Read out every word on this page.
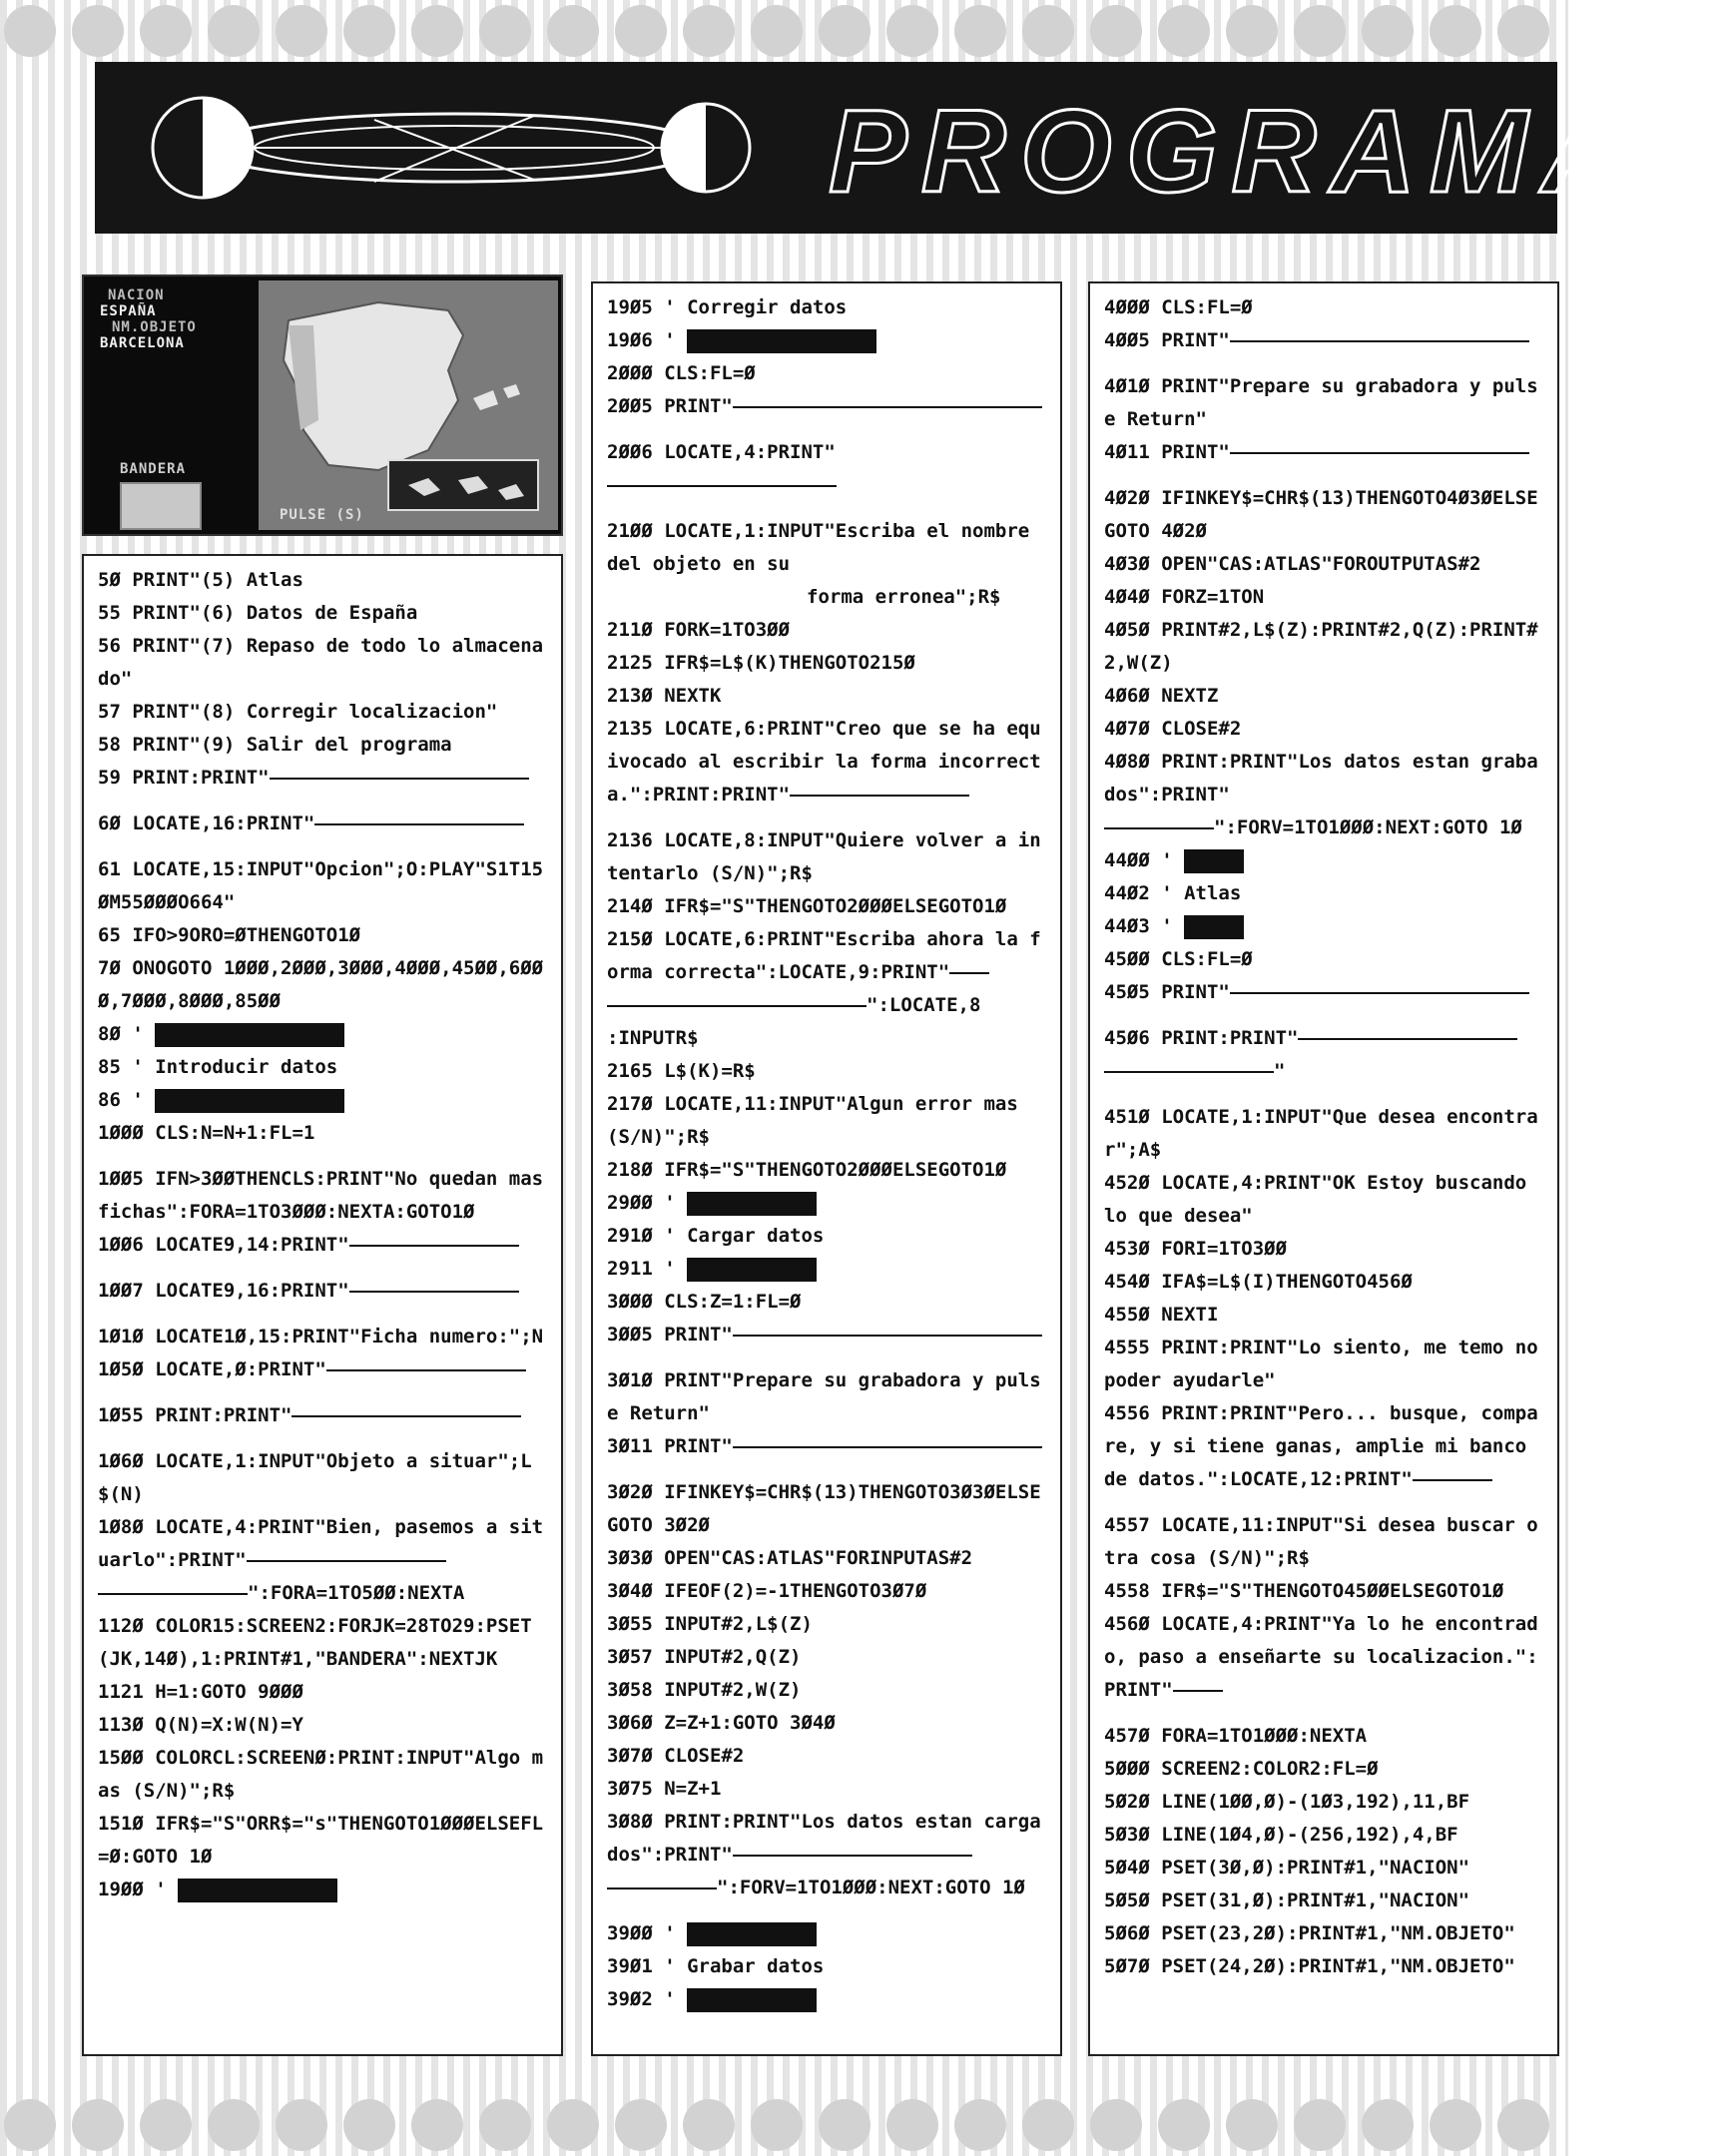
PROGRAMAS
NACION
ESPAÑA
NM.OBJETO
BARCELONA
BANDERA
PULSE (S)
5Ø PRINT"(5) Atlas
55 PRINT"(6) Datos de España
56 PRINT"(7) Repaso de todo lo almacenado"
57 PRINT"(8) Corregir localizacion"
58 PRINT"(9) Salir del programa
59 PRINT:PRINT"
6Ø LOCATE,16:PRINT"
61 LOCATE,15:INPUT"Opcion";O:PLAY"S1T15ØM55ØØØO664"
65 IFO>9ORO=ØTHENGOTO1Ø
7Ø ONOGOTO 1ØØØ,2ØØØ,3ØØØ,4ØØØ,45ØØ,6ØØØ,7ØØØ,8ØØØ,85ØØ
8Ø '
85 ' Introducir datos
86 '
1ØØØ CLS:N=N+1:FL=1
1ØØ5 IFN>3ØØTHENCLS:PRINT"No quedan mas fichas":FORA=1TO3ØØØ:NEXTA:GOTO1Ø
1ØØ6 LOCATE9,14:PRINT"
1ØØ7 LOCATE9,16:PRINT"
1Ø1Ø LOCATE1Ø,15:PRINT"Ficha numero:";N
1Ø5Ø LOCATE,Ø:PRINT"
1Ø55 PRINT:PRINT"
1Ø6Ø LOCATE,1:INPUT"Objeto a situar";L$(N)
1Ø8Ø LOCATE,4:PRINT"Bien, pasemos a situarlo":PRINT"
":FORA=1TO5ØØ:NEXTA
112Ø COLOR15:SCREEN2:FORJK=28TO29:PSET(JK,14Ø),1:PRINT#1,"BANDERA":NEXTJK
1121 H=1:GOTO 9ØØØ
113Ø Q(N)=X:W(N)=Y
15ØØ COLORCL:SCREENØ:PRINT:INPUT"Algo mas (S/N)";R$
151Ø IFR$="S"ORR$="s"THENGOTO1ØØØELSEFL=Ø:GOTO 1Ø
19ØØ '
19Ø5 ' Corregir datos
19Ø6 '
2ØØØ CLS:FL=Ø
2ØØ5 PRINT"
2ØØ6 LOCATE,4:PRINT"
21ØØ LOCATE,1:INPUT"Escriba el nombre del objeto en su
forma erronea";R$
211Ø FORK=1TO3ØØ
2125 IFR$=L$(K)THENGOTO215Ø
213Ø NEXTK
2135 LOCATE,6:PRINT"Creo que se ha equivocado al escribir la forma incorrecta.":PRINT:PRINT"
2136 LOCATE,8:INPUT"Quiere volver a intentarlo (S/N)";R$
214Ø IFR$="S"THENGOTO2ØØØELSEGOTO1Ø
215Ø LOCATE,6:PRINT"Escriba ahora la forma correcta":LOCATE,9:PRINT"
":LOCATE,8
:INPUTR$
2165 L$(K)=R$
217Ø LOCATE,11:INPUT"Algun error mas (S/N)";R$
218Ø IFR$="S"THENGOTO2ØØØELSEGOTO1Ø
29ØØ '
291Ø ' Cargar datos
2911 '
3ØØØ CLS:Z=1:FL=Ø
3ØØ5 PRINT"
3Ø1Ø PRINT"Prepare su grabadora y pulse Return"
3Ø11 PRINT"
3Ø2Ø IFINKEY$=CHR$(13)THENGOTO3Ø3ØELSEGOTO 3Ø2Ø
3Ø3Ø OPEN"CAS:ATLAS"FORINPUTAS#2
3Ø4Ø IFEOF(2)=-1THENGOTO3Ø7Ø
3Ø55 INPUT#2,L$(Z)
3Ø57 INPUT#2,Q(Z)
3Ø58 INPUT#2,W(Z)
3Ø6Ø Z=Z+1:GOTO 3Ø4Ø
3Ø7Ø CLOSE#2
3Ø75 N=Z+1
3Ø8Ø PRINT:PRINT"Los datos estan cargados":PRINT"
":FORV=1TO1ØØØ:NEXT:GOTO 1Ø
39ØØ '
39Ø1 ' Grabar datos
39Ø2 '
4ØØØ CLS:FL=Ø
4ØØ5 PRINT"
4Ø1Ø PRINT"Prepare su grabadora y pulse Return"
4Ø11 PRINT"
4Ø2Ø IFINKEY$=CHR$(13)THENGOTO4Ø3ØELSEGOTO 4Ø2Ø
4Ø3Ø OPEN"CAS:ATLAS"FOROUTPUTAS#2
4Ø4Ø FORZ=1TON
4Ø5Ø PRINT#2,L$(Z):PRINT#2,Q(Z):PRINT#2,W(Z)
4Ø6Ø NEXTZ
4Ø7Ø CLOSE#2
4Ø8Ø PRINT:PRINT"Los datos estan grabados":PRINT"
":FORV=1TO1ØØØ:NEXT:GOTO 1Ø
44ØØ '
44Ø2 ' Atlas
44Ø3 '
45ØØ CLS:FL=Ø
45Ø5 PRINT"
45Ø6 PRINT:PRINT"
"
451Ø LOCATE,1:INPUT"Que desea encontrar";A$
452Ø LOCATE,4:PRINT"OK Estoy buscando lo que desea"
453Ø FORI=1TO3ØØ
454Ø IFA$=L$(I)THENGOTO456Ø
455Ø NEXTI
4555 PRINT:PRINT"Lo siento, me temo no poder ayudarle"
4556 PRINT:PRINT"Pero... busque, compare, y si tiene ganas, amplie mi banco de datos.":LOCATE,12:PRINT"
4557 LOCATE,11:INPUT"Si desea buscar otra cosa (S/N)";R$
4558 IFR$="S"THENGOTO45ØØELSEGOTO1Ø
456Ø LOCATE,4:PRINT"Ya lo he encontrado, paso a enseñarte su localizacion.":PRINT"
457Ø FORA=1TO1ØØØ:NEXTA
5ØØØ SCREEN2:COLOR2:FL=Ø
5Ø2Ø LINE(1ØØ,Ø)-(1Ø3,192),11,BF
5Ø3Ø LINE(1Ø4,Ø)-(256,192),4,BF
5Ø4Ø PSET(3Ø,Ø):PRINT#1,"NACION"
5Ø5Ø PSET(31,Ø):PRINT#1,"NACION"
5Ø6Ø PSET(23,2Ø):PRINT#1,"NM.OBJETO"
5Ø7Ø PSET(24,2Ø):PRINT#1,"NM.OBJETO"
